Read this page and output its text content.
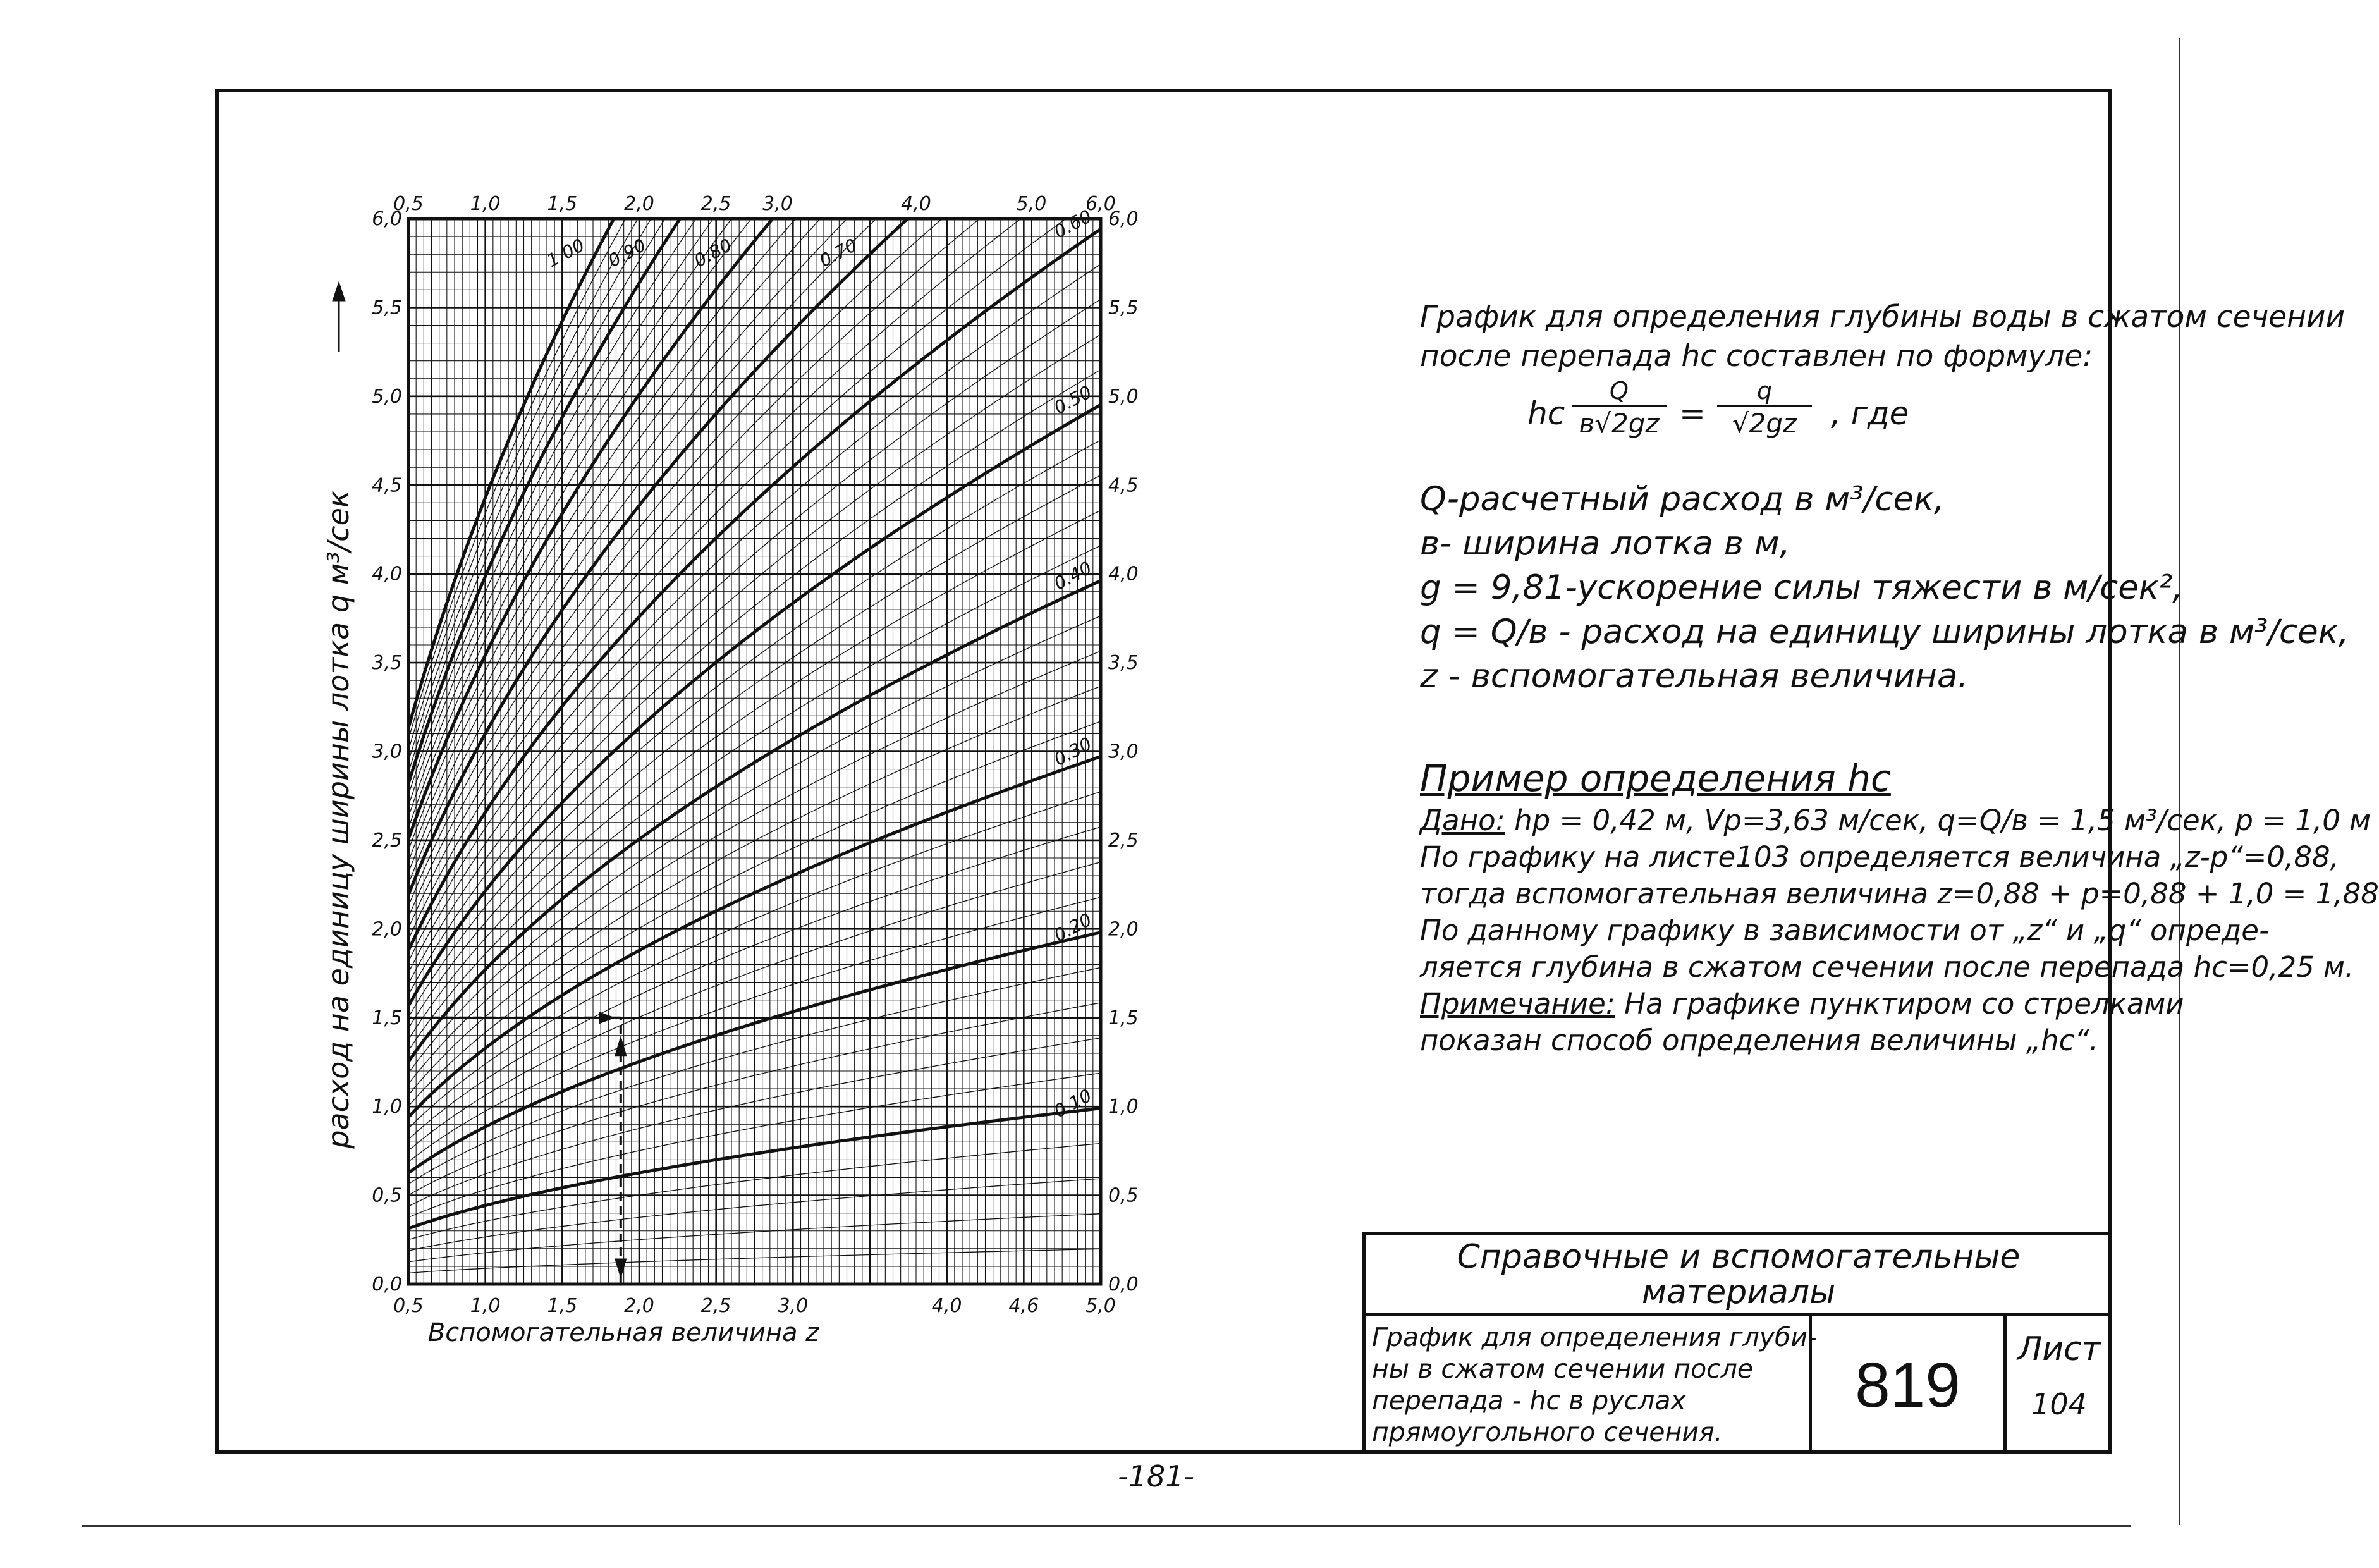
0.10
0.20
0.30
0.40
0.50
0.60
0.70
0.80
0.90
1.00
0,0
0,5
1,0
1,5
2,0
2,5
3,0
3,5
4,0
4,5
5,0
5,5
6,0
0,0
0,5
1,0
1,5
2,0
2,5
3,0
3,5
4,0
4,5
5,0
5,5
6,0
0,5 1,0 1,5 2,0 2,5 3,0	4,0 4,6 5,0
0,5 1,0 1,5 2,0 2,5 3,0	4,0	5,0 6,0
Вспомогательная величина z
расход на единицу ширины лотка q м³/сек
График для определения глубины воды в сжатом сечении
после перепада hc составлен по формуле:
hc
Q
$в√2gz = \frac{q}{√2gz}$ , где
Q-расчетный расход в м³/сек,
в- ширина лотка в м,
g = 9,81-ускорение силы тяжести в м/сек²,
q = Q/в - расход на единицу ширины лотка в м³/сек,
z - вспомогательная величина.
Пример определения hc
Дано: hp = 0,42 м, Vp=3,63 м/сек, q=Q/в = 1,5 м³/сек, p = 1,0 м
По графику на листе103 определяется величина „z-p“=0,88,
тогда вспомогательная величина z=0,88 + p=0,88 + 1,0 = 1,88
По данному графику в зависимости от „z“ и „q“ опреде-
ляется глубина в сжатом сечении после перепада hc=0,25 м.
Примечание: На графике пунктиром со стрелками
показан способ определения величины „hc“.
Справочные и вспомогательные
материалы
График для определения глуби-
ны в сжатом сечении после
перепада - hc в руслах
прямоугольного сечения.
819
Лист
104
-181-
